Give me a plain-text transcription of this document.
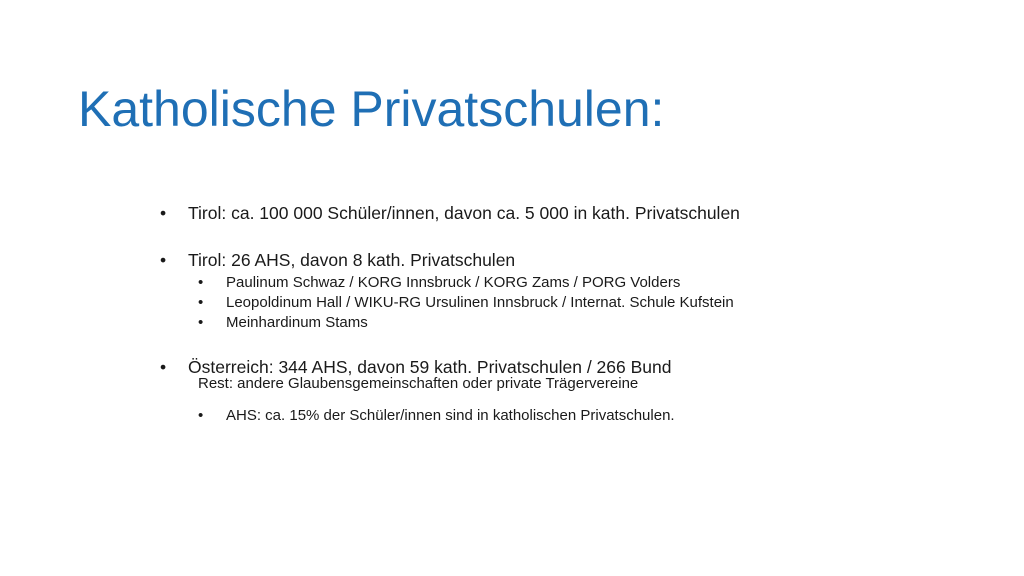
Katholische Privatschulen:
• Tirol: ca. 100 000 Schüler/innen, davon ca. 5 000 in kath. Privatschulen
• Tirol: 26 AHS, davon 8 kath. Privatschulen
• Paulinum Schwaz / KORG Innsbruck / KORG Zams / PORG Volders
• Leopoldinum Hall / WIKU-RG Ursulinen Innsbruck / Internat. Schule Kufstein
• Meinhardinum Stams
• Österreich: 344 AHS, davon 59 kath. Privatschulen / 266 Bund
Rest: andere Glaubensgemeinschaften oder private Trägervereine
• AHS: ca. 15% der Schüler/innen sind in katholischen Privatschulen.
